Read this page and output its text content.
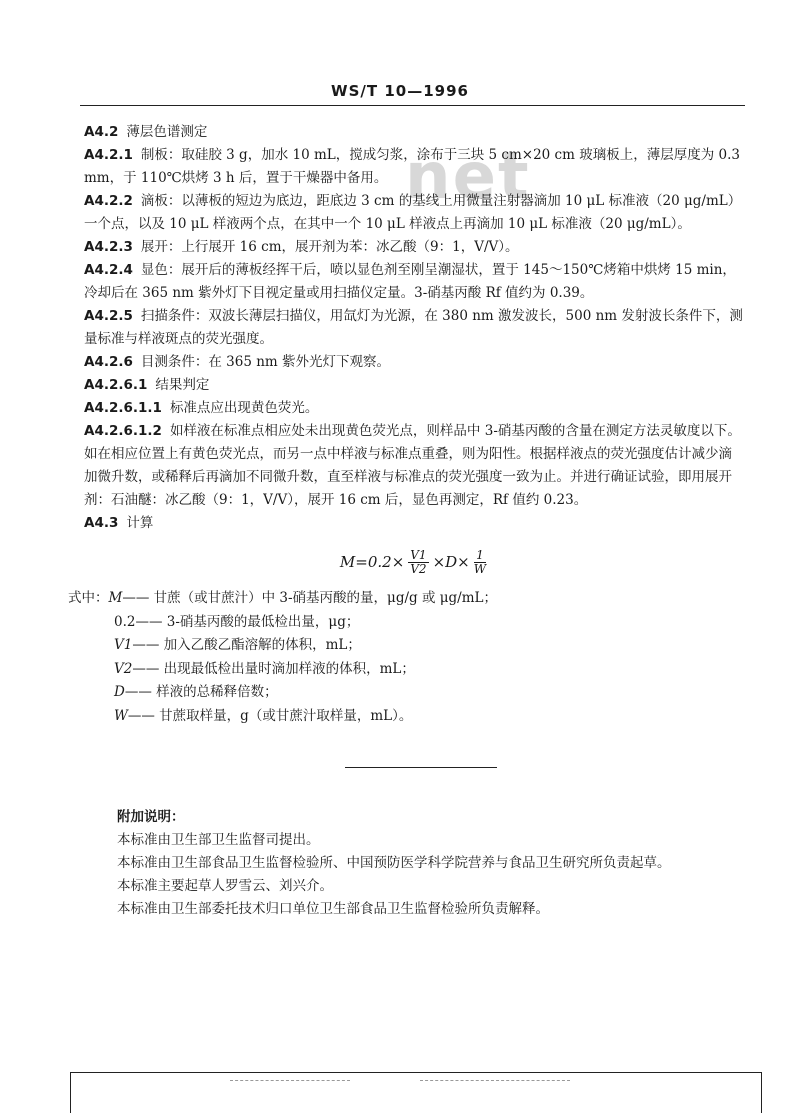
WS/T 10—1996
net
A4.2 薄层色谱测定
A4.2.1 制板：取硅胶 3 g，加水 10 mL，搅成匀浆，涂布于三块 5 cm×20 cm 玻璃板上，薄层厚度为 0.3 mm，于 110℃烘烤 3 h 后，置于干燥器中备用。
A4.2.2 滴板：以薄板的短边为底边，距底边 3 cm 的基线上用微量注射器滴加 10 μL 标准液（20 μg/mL）一个点，以及 10 μL 样液两个点，在其中一个 10 μL 样液点上再滴加 10 μL 标准液（20 μg/mL）。
A4.2.3 展开：上行展开 16 cm，展开剂为苯：冰乙酸（9：1，V/V）。
A4.2.4 显色：展开后的薄板经挥干后，喷以显色剂至刚呈潮湿状，置于 145～150℃烤箱中烘烤 15 min，冷却后在 365 nm 紫外灯下目视定量或用扫描仪定量。3-硝基丙酸 Rf 值约为 0.39。
A4.2.5 扫描条件：双波长薄层扫描仪，用氙灯为光源，在 380 nm 激发波长，500 nm 发射波长条件下，测量标准与样液斑点的荧光强度。
A4.2.6 目测条件：在 365 nm 紫外光灯下观察。
A4.2.6.1 结果判定
A4.2.6.1.1 标准点应出现黄色荧光。
A4.2.6.1.2 如样液在标准点相应处未出现黄色荧光点，则样品中 3-硝基丙酸的含量在测定方法灵敏度以下。如在相应位置上有黄色荧光点，而另一点中样液与标准点重叠，则为阳性。根据样液点的荧光强度估计减少滴加微升数，或稀释后再滴加不同微升数，直至样液与标准点的荧光强度一致为止。并进行确证试验，即用展开剂：石油醚：冰乙酸（9：1，V/V），展开 16 cm 后，显色再测定，Rf 值约 0.23。
A4.3 计算
$M=0.2\times \frac{V1}{V2} \times D\times \frac{1}{W}$
式中： M —— 甘蔗（或甘蔗汁）中 3-硝基丙酸的量，μg/g 或 μg/mL；
0.2 —— 3-硝基丙酸的最低检出量，μg；
V1 —— 加入乙酸乙酯溶解的体积，mL；
V2 —— 出现最低检出量时滴加样液的体积，mL；
D —— 样液的总稀释倍数；
W —— 甘蔗取样量，g（或甘蔗汁取样量，mL）。
附加说明：
本标准由卫生部卫生监督司提出。
本标准由卫生部食品卫生监督检验所、中国预防医学科学院营养与食品卫生研究所负责起草。
本标准主要起草人罗雪云、刘兴介。
本标准由卫生部委托技术归口单位卫生部食品卫生监督检验所负责解释。
